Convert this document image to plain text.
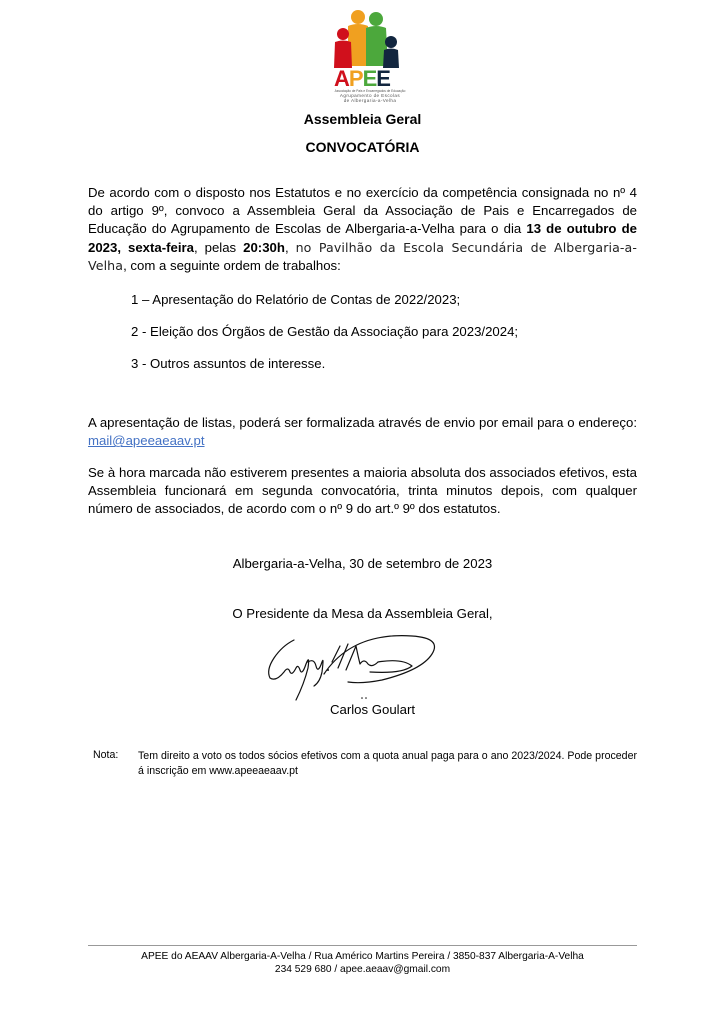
APEE
Associação de Pais e Encarregados de Educação
Agrupamento de Escolas
de Albergaria-a-Velha
Assembleia Geral
CONVOCATÓRIA
De acordo com o disposto nos Estatutos e no exercício da competência consignada no nº 4 do artigo 9º, convoco a Assembleia Geral da Associação de Pais e Encarregados de Educação do Agrupamento de Escolas de Albergaria-a-Velha para o dia 13 de outubro de 2023, sexta-feira, pelas 20:30h, no Pavilhão da Escola Secundária de Albergaria-a-Velha, com a seguinte ordem de trabalhos:
1 – Apresentação do Relatório de Contas de 2022/2023;
2 - Eleição dos Órgãos de Gestão da Associação para 2023/2024;
3 - Outros assuntos de interesse.
A apresentação de listas, poderá ser formalizada através de envio por email para o endereço: mail@apeeaeaav.pt
Se à hora marcada não estiverem presentes a maioria absoluta dos associados efetivos, esta Assembleia funcionará em segunda convocatória, trinta minutos depois, com qualquer número de associados, de acordo com o nº 9 do art.º 9º dos estatutos.
Albergaria-a-Velha, 30 de setembro de 2023
O Presidente da Mesa da Assembleia Geral,
Carlos Goulart
Nota: Tem direito a voto os todos sócios efetivos com a quota anual paga para o ano 2023/2024. Pode proceder á inscrição em www.apeeaeaav.pt
APEE do AEAAV Albergaria-A-Velha / Rua Américo Martins Pereira / 3850-837 Albergaria-A-Velha
234 529 680 / apee.aeaav@gmail.com
